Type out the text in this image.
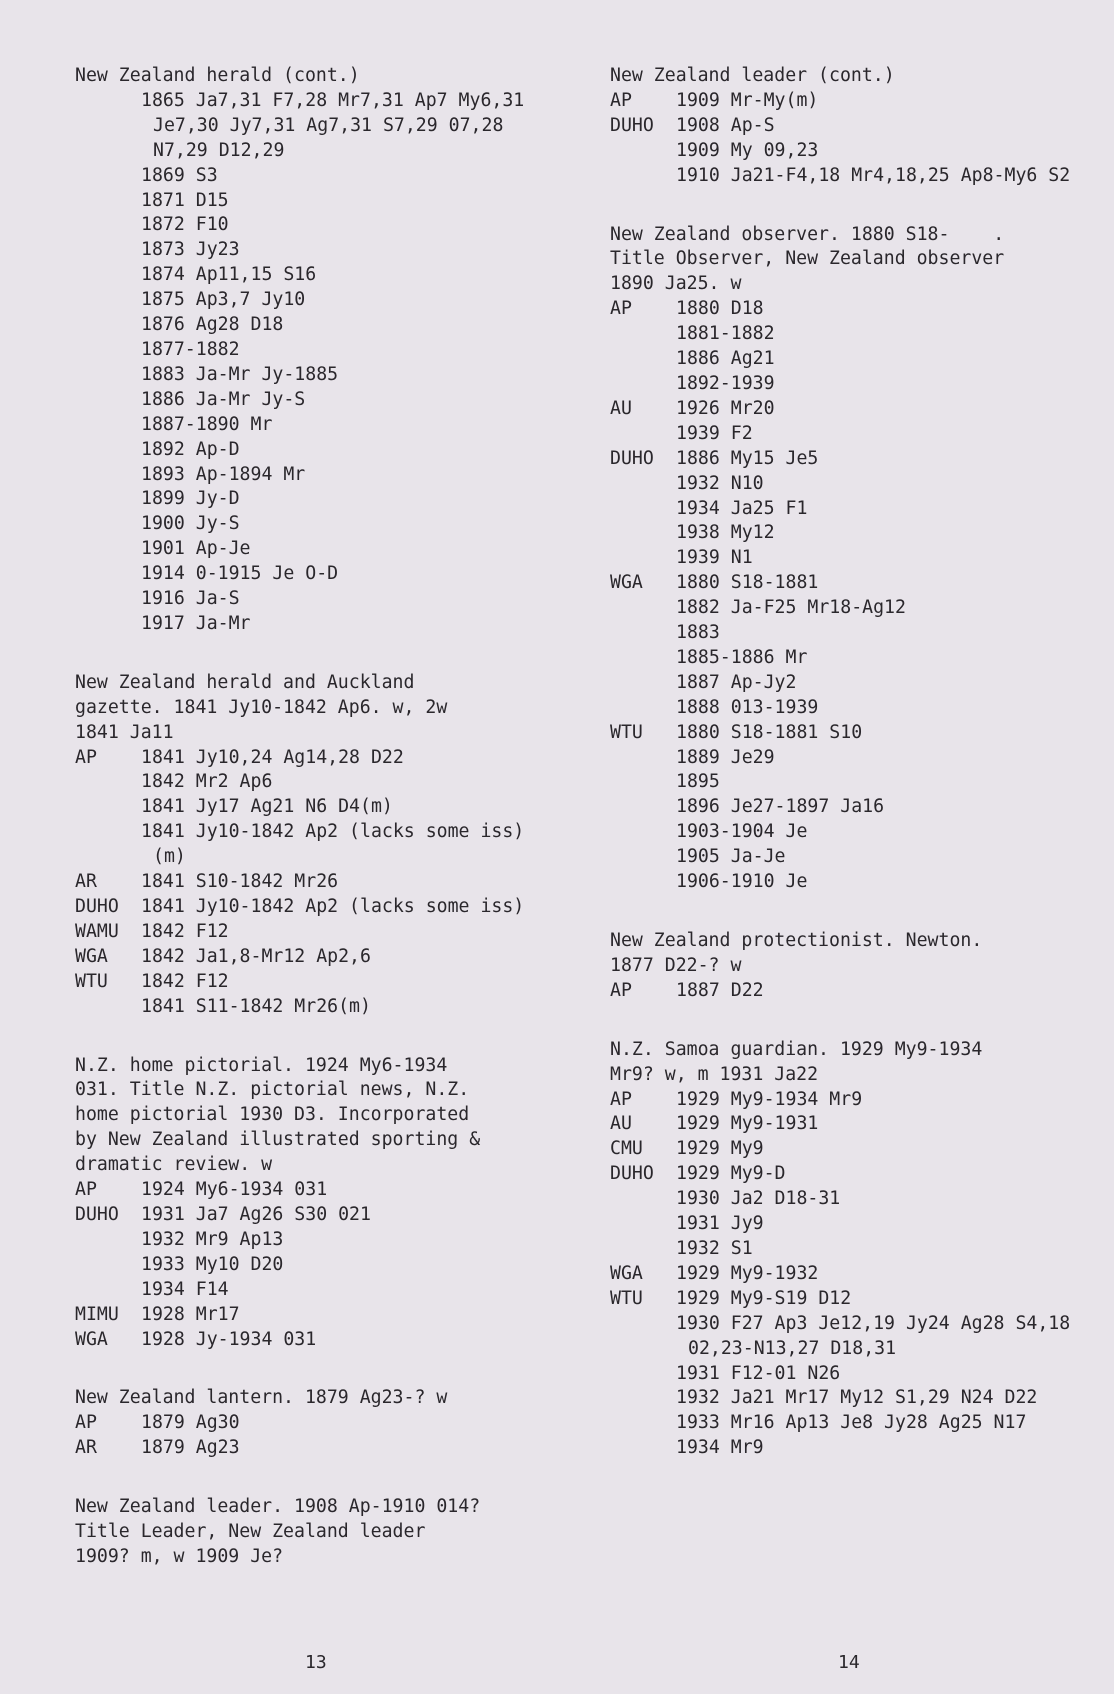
New Zealand herald (cont.)
1865 Ja7,31 F7,28 Mr7,31 Ap7 My6,31 Je7,30 Jy7,31 Ag7,31 S7,29 07,28 N7,29 D12,29
1869 S3
1871 D15
1872 F10
1873 Jy23
1874 Ap11,15 S16
1875 Ap3,7 Jy10
1876 Ag28 D18
1877-1882
1883 Ja-Mr Jy-1885
1886 Ja-Mr Jy-S
1887-1890 Mr
1892 Ap-D
1893 Ap-1894 Mr
1899 Jy-D
1900 Jy-S
1901 Ap-Je
1914 0-1915 Je O-D
1916 Ja-S
1917 Ja-Mr
New Zealand herald and Auckland
gazette. 1841 Jy10-1842 Ap6. w, 2w
1841 Ja11
AP	1841 Jy10,24 Ag14,28 D22
1842 Mr2 Ap6
1841 Jy17 Ag21 N6 D4(m)
1841 Jy10-1842 Ap2 (lacks some iss)(m)
AR	1841 S10-1842 Mr26
DUHO	1841 Jy10-1842 Ap2 (lacks some iss)
WAMU	1842 F12
WGA	1842 Ja1,8-Mr12 Ap2,6
WTU	1842 F12
1841 S11-1842 Mr26(m)
N.Z. home pictorial. 1924 My6-1934
031. Title N.Z. pictorial news, N.Z.
home pictorial 1930 D3. Incorporated
by New Zealand illustrated sporting &
dramatic review. w
AP	1924 My6-1934 031
DUHO	1931 Ja7 Ag26 S30 021
1932 Mr9 Ap13
1933 My10 D20
1934 F14
MIMU	1928 Mr17
WGA	1928 Jy-1934 031
New Zealand lantern. 1879 Ag23-? w
AP	1879 Ag30
AR	1879 Ag23
New Zealand leader. 1908 Ap-1910 014?
Title Leader, New Zealand leader
1909? m, w 1909 Je?
New Zealand leader (cont.)
AP	1909 Mr-My(m)
DUHO	1908 Ap-S
1909 My 09,23
1910 Ja21-F4,18 Mr4,18,25 Ap8-My6 S2
New Zealand observer. 1880 S18-    .
Title Observer, New Zealand observer
1890 Ja25. w
AP	1880 D18
1881-1882
1886 Ag21
1892-1939
AU	1926 Mr20
1939 F2
DUHO	1886 My15 Je5
1932 N10
1934 Ja25 F1
1938 My12
1939 N1
WGA	1880 S18-1881
1882 Ja-F25 Mr18-Ag12
1883
1885-1886 Mr
1887 Ap-Jy2
1888 013-1939
WTU	1880 S18-1881 S10
1889 Je29
1895
1896 Je27-1897 Ja16
1903-1904 Je
1905 Ja-Je
1906-1910 Je
New Zealand protectionist. Newton.
1877 D22-? w
AP	1887 D22
N.Z. Samoa guardian. 1929 My9-1934
Mr9? w, m 1931 Ja22
AP	1929 My9-1934 Mr9
AU	1929 My9-1931
CMU	1929 My9
DUHO	1929 My9-D
1930 Ja2 D18-31
1931 Jy9
1932 S1
WGA	1929 My9-1932
WTU	1929 My9-S19 D12
1930 F27 Ap3 Je12,19 Jy24 Ag28 S4,18 02,23-N13,27 D18,31
1931 F12-01 N26
1932 Ja21 Mr17 My12 S1,29 N24 D22
1933 Mr16 Ap13 Je8 Jy28 Ag25 N17
1934 Mr9
13	14
